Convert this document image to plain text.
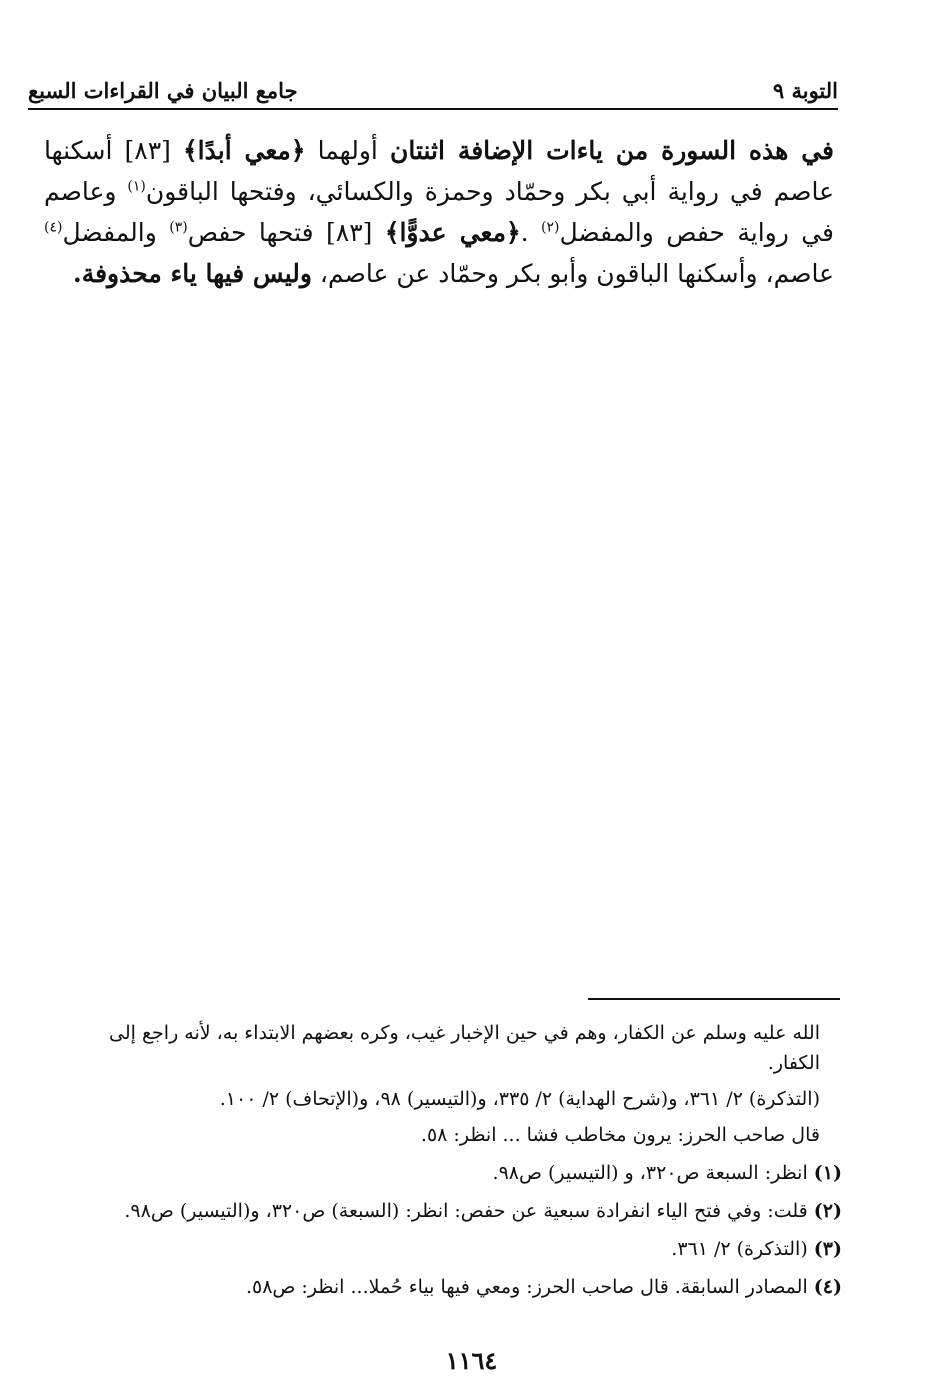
التوبة ٩
جامع البيان في القراءات السبع

في هذه السورة من ياءات الإضافة اثنتان أولهما ﴿معي أبدًا﴾ [٨٣] أسكنها عاصم في رواية أبي بكر وحمّاد وحمزة والكسائي، وفتحها الباقون$^{(١)}$ وعاصم في رواية حفص والمفضل$^{(٢)}$ .﴿معي عدوًّا﴾ [٨٣] فتحها حفص$^{(٣)}$ والمفضل$^{(٤)}$ عاصم، وأسكنها الباقون وأبو بكر وحمّاد عن عاصم، وليس فيها ياء محذوفة.

الله عليه وسلم عن الكفار، وهم في حين الإخبار غيب، وكره بعضهم الابتداء به، لأنه راجع إلى الكفار.

(التذكرة) ٢/ ٣٦١، و(شرح الهداية) ٢/ ٣٣٥، و(التيسير) ٩٨، و(الإتحاف) ٢/ ١٠٠.

قال صاحب الحرز: يرون مخاطب فشا ... انظر: ٥٨.

(١) انظر: السبعة ص٣٢٠، و (التيسير) ص٩٨.

(٢) قلت: وفي فتح الياء انفرادة سبعية عن حفص: انظر: (السبعة) ص٣٢٠، و(التيسير) ص٩٨.

(٣) (التذكرة) ٢/ ٣٦١.

(٤) المصادر السابقة. قال صاحب الحرز: ومعي فيها بياء حُملا... انظر: ص٥٨.

١١٦٤
